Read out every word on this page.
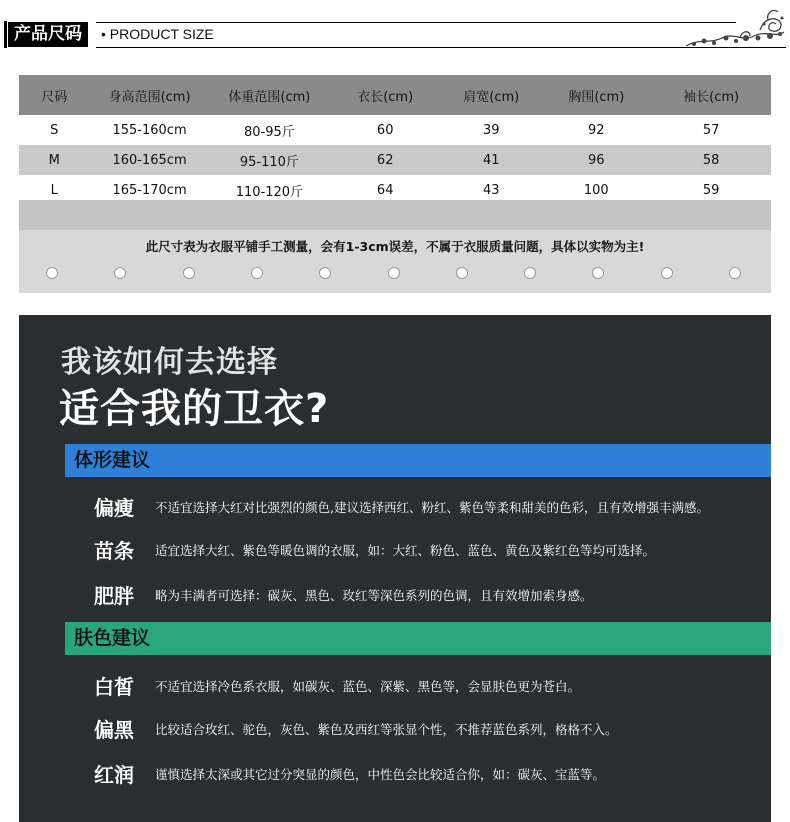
产品尺码	• PRODUCT SIZE
尺码	身高范围(cm)	体重范围(cm)	衣长(cm)	肩宽(cm)	胸围(cm)	袖长(cm)
S	155-160cm	80-95斤	60	39	92	57
M	160-165cm	95-110斤	62	41	96	58
L	165-170cm	110-120斤	64	43	100	59
此尺寸表为衣服平铺手工测量，会有1-3cm误差，不属于衣服质量问题，具体以实物为主!
我该如何去选择
适合我的卫衣?
体形建议
偏瘦 不适宜选择大红对比强烈的颜色,建议选择西红、粉红、紫色等柔和甜美的色彩，且有效增强丰满感。
苗条 适宜选择大红、紫色等暖色调的衣服，如：大红、粉色、蓝色、黄色及紫红色等均可选择。
肥胖 略为丰满者可选择：碳灰、黑色、玫红等深色系列的色调，且有效增加索身感。
肤色建议
白皙 不适宜选择冷色系衣服，如碳灰、蓝色、深紫、黑色等，会显肤色更为苍白。
偏黑 比较适合玫红、驼色，灰色、紫色及西红等张显个性，不推荐蓝色系列，格格不入。
红润 谨慎选择太深或其它过分突显的颜色，中性色会比较适合你，如：碳灰、宝蓝等。
